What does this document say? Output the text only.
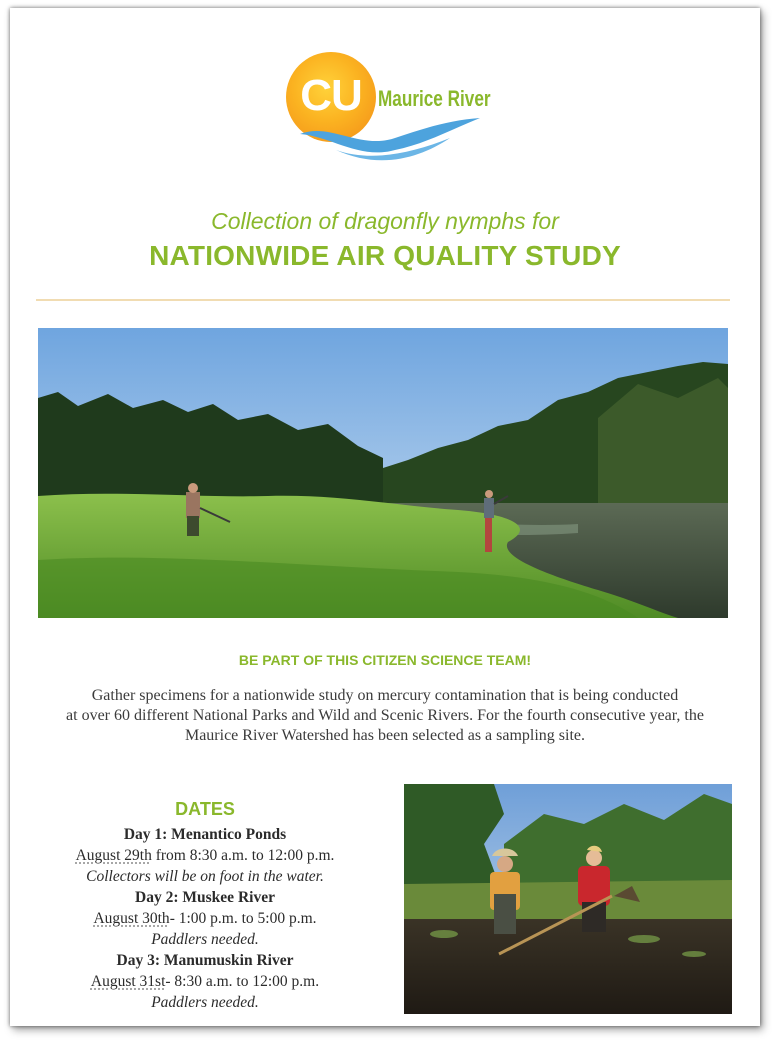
CU Maurice River
Collection of dragonfly nymphs for
NATIONWIDE AIR QUALITY STUDY
BE PART OF THIS CITIZEN SCIENCE TEAM!
Gather specimens for a nationwide study on mercury contamination that is being conducted
at over 60 different National Parks and Wild and Scenic Rivers. For the fourth consecutive year, the
Maurice River Watershed has been selected as a sampling site.
DATES
Day 1: Menantico Ponds
August 29th from 8:30 a.m. to 12:00 p.m.
Collectors will be on foot in the water.
Day 2: Muskee River
August 30th- 1:00 p.m. to 5:00 p.m.
Paddlers needed.
Day 3: Manumuskin River
August 31st- 8:30 a.m. to 12:00 p.m.
Paddlers needed.
